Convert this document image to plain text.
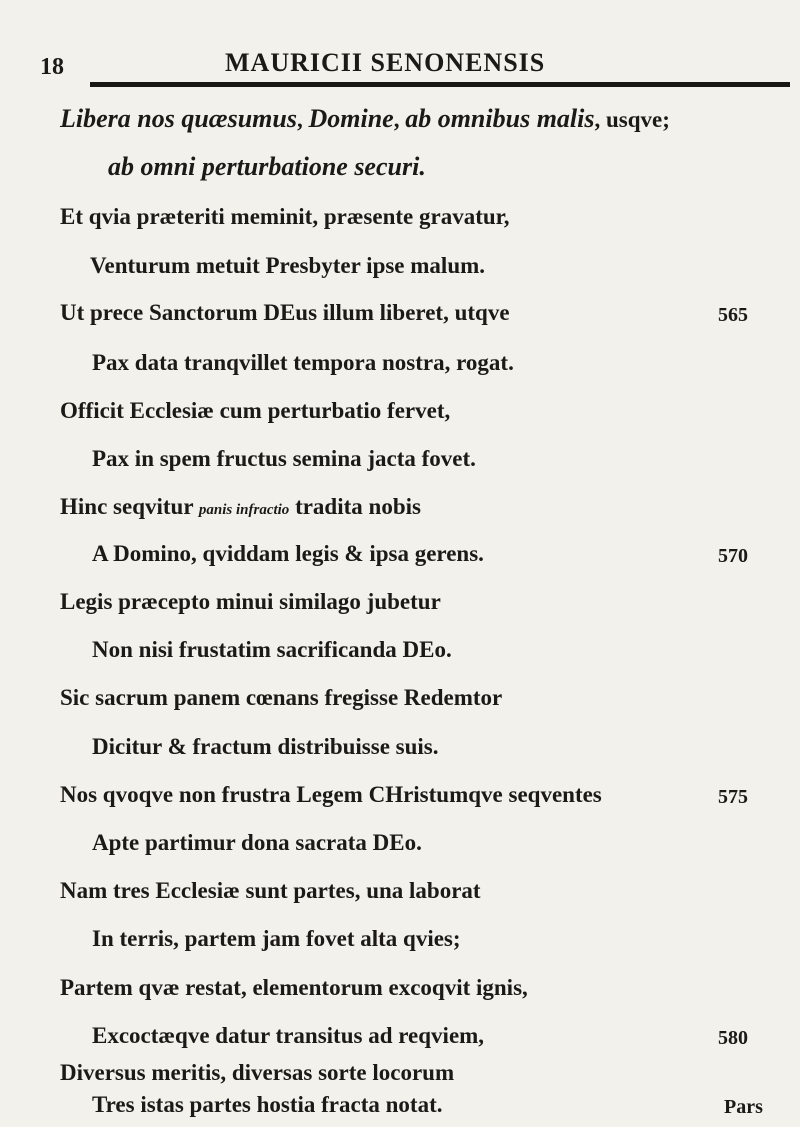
18	MAURICII SENONENSIS
Libera nos quæsumus, Domine, ab omnibus malis, usqve;
ab omni perturbatione securi.
Et qvia præteriti meminit, præsente gravatur,
Venturum metuit Presbyter ipse malum.
Ut prece Sanctorum DEus illum liberet, utqve
Pax data tranqvillet tempora nostra, rogat.
Officit Ecclesiæ cum perturbatio fervet,
Pax in spem fructus semina jacta fovet.
Hinc seqvitur panis infractio tradita nobis
A Domino, qviddam legis & ipsa gerens.
Legis præcepto minui similago jubetur
Non nisi frustatim sacrificanda DEo.
Sic sacrum panem cœnans fregisse Redemtor
Dicitur & fractum distribuisse suis.
Nos qvoqve non frustra Legem CHristumqve seqventes
Apte partimur dona sacrata DEo.
Nam tres Ecclesiæ sunt partes, una laborat
In terris, partem jam fovet alta qvies;
Partem qvæ restat, elementorum excoqvit ignis,
Excoctæqve datur transitus ad reqviem,
Diversus meritis, diversas sorte locorum
565
570
575
580
Pars
Tres istas partes hostia fracta notat.
